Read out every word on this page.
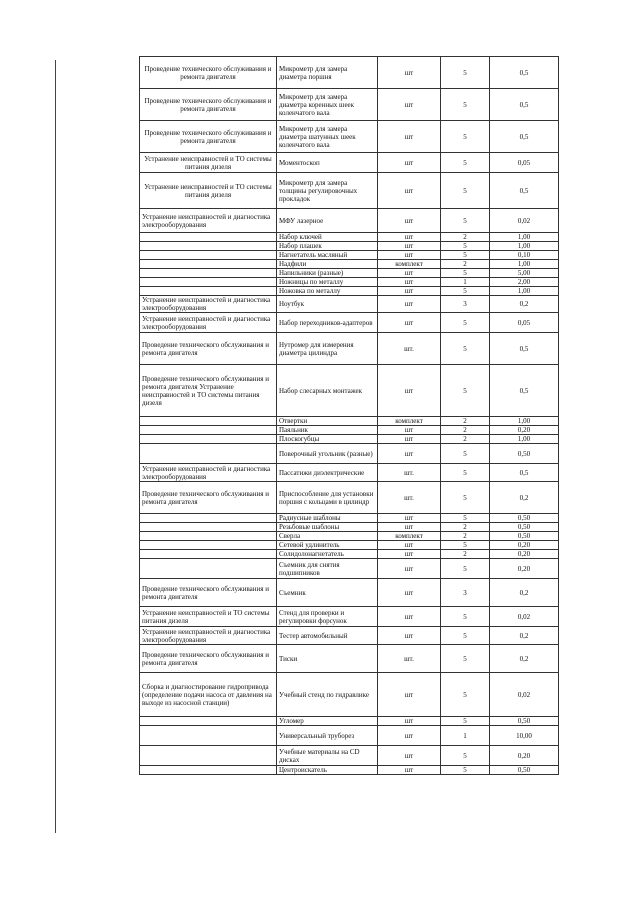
Проведение технического обслуживания и ремонта двигателя	Микрометр для замера диаметра поршня	шт	5	0,5
Проведение технического обслуживания и ремонта двигателя	Микрометр для замера диаметра коренных шеек коленчатого вала	шт	5	0,5
Проведение технического обслуживания и ремонта двигателя	Микрометр для замера диаметра шатунных шеек коленчатого вала	шт	5	0,5
Устранение неисправностей и ТО системы питания дизеля	Моментоскоп	шт	5	0,05
Устранение неисправностей и ТО системы питания дизеля	Микрометр для замера толщины регулировочных прокладок	шт	5	0,5
Устранение неисправностей и диагностика электрооборудования	МФУ лазерное	шт	5	0,02
	Набор ключей	шт	2	1,00
	Набор плашек	шт	5	1,00
	Нагнетатель масляный	шт	5	0,10
	Надфили	комплект	2	1,00
	Напильники (разные)	шт	5	5,00
	Ножницы по металлу	шт	1	2,00
	Ножовка по металлу	шт	5	1,00
Устранение неисправностей и диагностика электрооборудования	Ноутбук	шт	3	0,2
Устранение неисправностей и диагностика электрооборудования	Набор переходников-адаптеров	шт	5	0,05
Проведение технического обслуживания и ремонта двигателя	Нутромер для измерения диаметра цилиндра	шт.	5	0,5
Проведение технического обслуживания и ремонта двигателя Устранение неисправностей и ТО системы питания дизеля	Набор слесарных монтажек	шт	5	0,5
	Отвертки	комплект	2	1,00
	Паяльник	шт	2	0,20
	Плоскогубцы	шт	2	1,00
	Поверочный угольник (разные)	шт	5	0,50
Устранение неисправностей и диагностика электрооборудования	Пассатижи диэлектрические	шт.	5	0,5
Проведение технического обслуживания и ремонта двигателя	Приспособление для установки поршня с кольцами в цилиндр	шт.	5	0,2
	Радиусные шаблоны	шт	5	0,50
	Резьбовые шаблоны	шт	2	0,50
	Сверла	комплект	2	0,50
	Сетевой удлинитель	шт	5	0,20
	Солидолонагнетатель	шт	2	0,20
	Съемник для снятия подшипников	шт	5	0,20
Проведение технического обслуживания и ремонта двигателя	Съемник	шт	3	0,2
Устранение неисправностей и ТО системы питания дизеля	Стенд для проверки и регулировки форсунок	шт	5	0,02
Устранение неисправностей и диагностика электрооборудования	Тестер автомобильный	шт	5	0,2
Проведение технического обслуживания и ремонта двигателя	Тиски	шт.	5	0,2
Сборка и диагностирование гидропривода (определение подачи насоса от давления на выходе из насосной станции)	Учебный стенд по гидравлике	шт	5	0,02
	Угломер	шт	5	0,50
	Универсальный труборез	шт	1	10,00
	Учебные материалы на CD дисках	шт	5	0,20
	Центроискатель	шт	5	0,50
